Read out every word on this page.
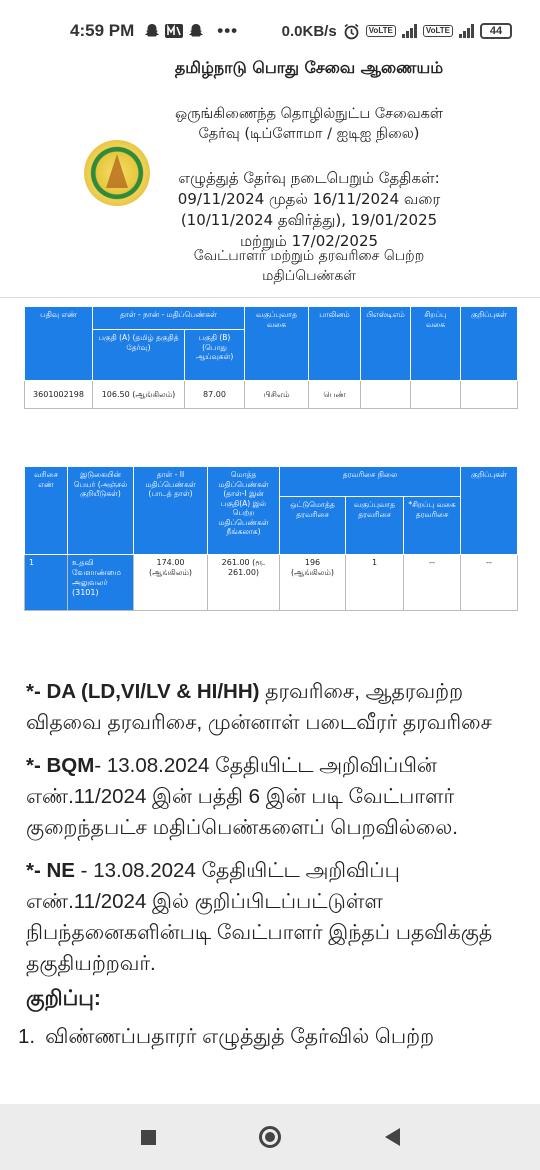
4:59 PM	•••	0.0KB/s	VoLTE	VoLTE	44
தமிழ்நாடு பொது சேவை ஆணையம்
ஒருங்கிணைந்த தொழில்நுட்ப சேவைகள் தேர்வு (டிப்ளோமா / ஐடிஐ நிலை)
எழுத்துத் தேர்வு நடைபெறும் தேதிகள்: 09/11/2024 முதல் 16/11/2024 வரை (10/11/2024 தவிர்த்து), 19/01/2025 மற்றும் 17/02/2025
வேட்பாளர் மற்றும் தரவரிசை பெற்ற மதிப்பெண்கள்
பதிவு எண்	தாள் - நான் - மதிப்பெண்கள்		வகுப்புவாத வகை	பாலினம்	பிஎஸ்டிஎம்	சிறப்பு வகை	குறிப்புகள்
	பகுதி (A) (தமிழ் தகுதித் தேர்வு)	பகுதி (B) (பொது ஆய்வுகள்)					
3601002198	106.50 (ஆங்கிலம்)	87.00	பிசிஎம்	பெண்			
வரிசை எண்	இடுகையின் பெயர் (அஞ்சல் குறியீடுகள்)	தாள் - II மதிப்பெண்கள் (பாடத் தாள்)	மொத்த மதிப்பெண்கள் (தாள்-I இன் பகுதி(A) இல் பெற்ற மதிப்பெண்கள் நீங்கலாக)	தரவரிசை நிலை			குறிப்புகள்
				ஒட்டுமொத்த தரவரிசை	வகுப்புவாத தரவரிசை	*சிறப்பு வகை தரவரிசை	
1	உதவி வேளாண்மை அலுவலர் (3101)	174.00 (ஆங்கிலம்)	261.00 (ரூ. 261.00)	196 (ஆங்கிலம்)	1	--	--

*- DA (LD,VI/LV & HI/HH) தரவரிசை, ஆதரவற்ற விதவை தரவரிசை, முன்னாள் படைவீரர் தரவரிசை

*- BQM- 13.08.2024 தேதியிட்ட அறிவிப்பின் எண்.11/2024 இன் பத்தி 6 இன் படி வேட்பாளர் குறைந்தபட்ச மதிப்பெண்களைப் பெறவில்லை.

*- NE - 13.08.2024 தேதியிட்ட அறிவிப்பு எண்.11/2024 இல் குறிப்பிடப்பட்டுள்ள நிபந்தனைகளின்படி வேட்பாளர் இந்தப் பதவிக்குத் தகுதியற்றவர்.

குறிப்பு:

1. விண்ணப்பதாரர் எழுத்துத் தேர்வில் பெற்ற
